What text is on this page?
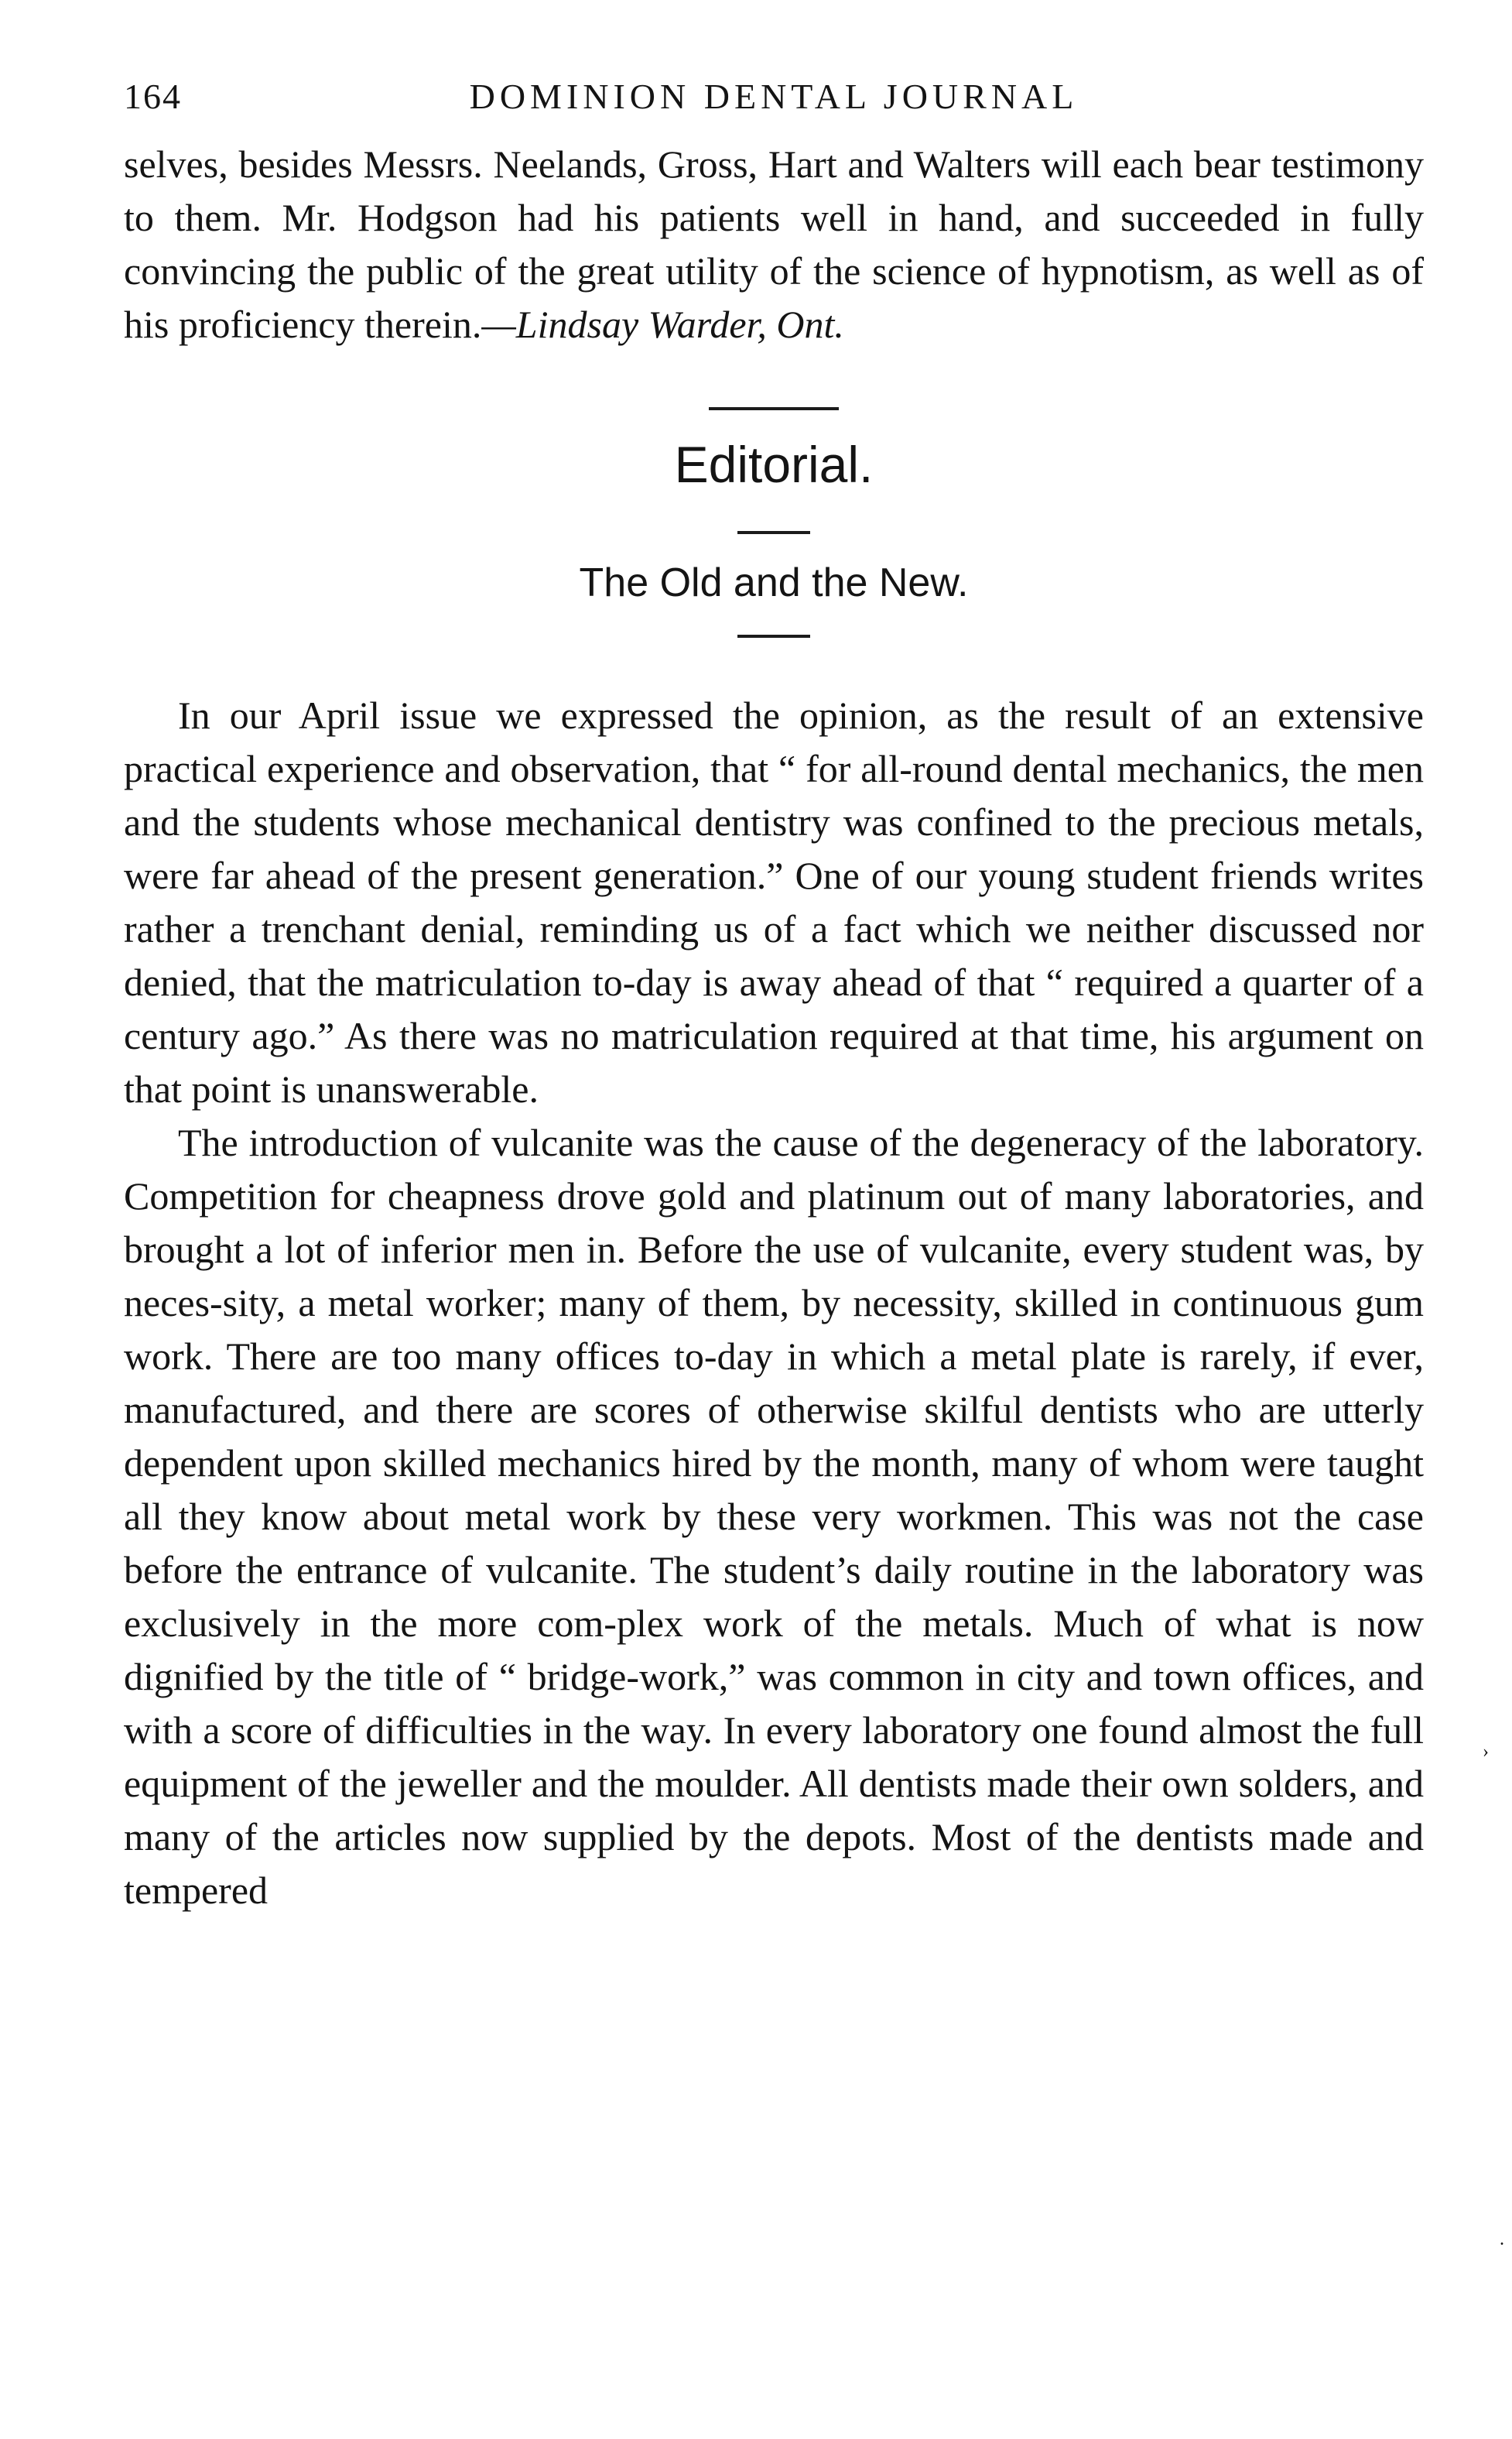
164	DOMINION DENTAL JOURNAL

selves, besides Messrs. Neelands, Gross, Hart and Walters will each bear testimony to them. Mr. Hodgson had his patients well in hand, and succeeded in fully convincing the public of the great utility of the science of hypnotism, as well as of his proficiency therein.—Lindsay Warder, Ont.

Editorial.
The Old and the New.

In our April issue we expressed the opinion, as the result of an extensive practical experience and observation, that “ for all-round dental mechanics, the men and the students whose mechanical dentistry was confined to the precious metals, were far ahead of the present generation.” One of our young student friends writes rather a trenchant denial, reminding us of a fact which we neither discussed nor denied, that the matriculation to-day is away ahead of that “ required a quarter of a century ago.” As there was no matriculation required at that time, his argument on that point is unanswerable.

The introduction of vulcanite was the cause of the degeneracy of the laboratory. Competition for cheapness drove gold and platinum out of many laboratories, and brought a lot of inferior men in. Before the use of vulcanite, every student was, by neces-sity, a metal worker; many of them, by necessity, skilled in continuous gum work. There are too many offices to-day in which a metal plate is rarely, if ever, manufactured, and there are scores of otherwise skilful dentists who are utterly dependent upon skilled mechanics hired by the month, many of whom were taught all they know about metal work by these very workmen. This was not the case before the entrance of vulcanite. The student’s daily routine in the laboratory was exclusively in the more com-plex work of the metals. Much of what is now dignified by the title of “ bridge-work,” was common in city and town offices, and with a score of difficulties in the way. In every laboratory one found almost the full equipment of the jeweller and the moulder. All dentists made their own solders, and many of the articles now supplied by the depots. Most of the dentists made and tempered

›
.
